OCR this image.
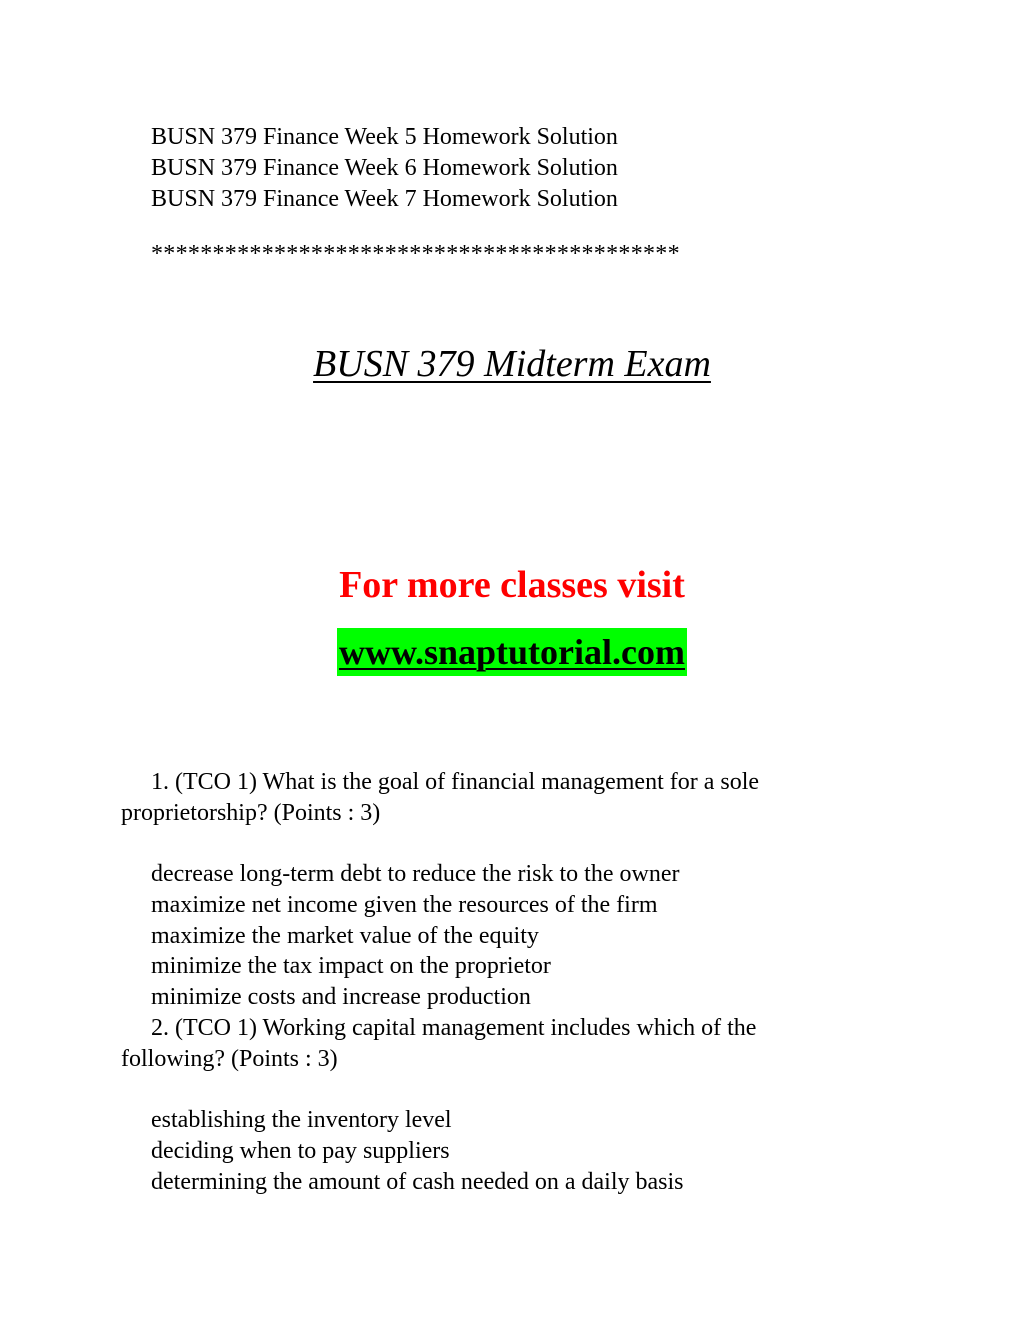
BUSN 379 Finance Week 5 Homework Solution
BUSN 379 Finance Week 6 Homework Solution
BUSN 379 Finance Week 7 Homework Solution
*******************************************
BUSN 379 Midterm Exam
For more classes visit
www.snaptutorial.com
1. (TCO 1) What is the goal of financial management for a sole
proprietorship? (Points : 3)
decrease long-term debt to reduce the risk to the owner
maximize net income given the resources of the firm
maximize the market value of the equity
minimize the tax impact on the proprietor
minimize costs and increase production
2. (TCO 1) Working capital management includes which of the
following? (Points : 3)
establishing the inventory level
deciding when to pay suppliers
determining the amount of cash needed on a daily basis
